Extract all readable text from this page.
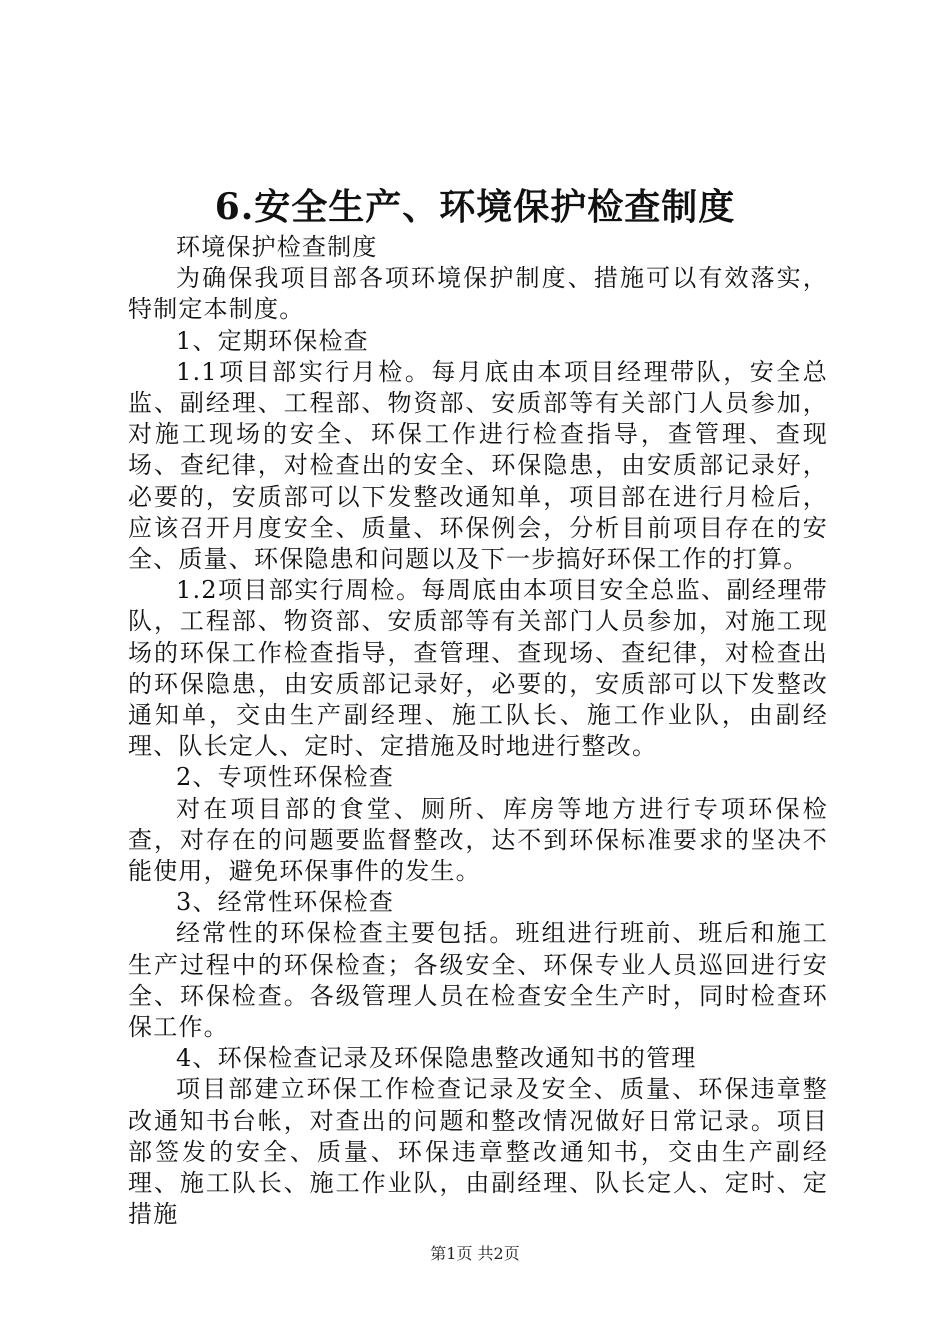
6.安全生产、环境保护检查制度

环境保护检查制度

为确保我项目部各项环境保护制度、措施可以有效落实，特制定本制度。

1、定期环保检查

1.1项目部实行月检。每月底由本项目经理带队，安全总监、副经理、工程部、物资部、安质部等有关部门人员参加，对施工现场的安全、环保工作进行检查指导，查管理、查现场、查纪律，对检查出的安全、环保隐患，由安质部记录好，必要的，安质部可以下发整改通知单，项目部在进行月检后，应该召开月度安全、质量、环保例会，分析目前项目存在的安全、质量、环保隐患和问题以及下一步搞好环保工作的打算。

1.2项目部实行周检。每周底由本项目安全总监、副经理带队，工程部、物资部、安质部等有关部门人员参加，对施工现场的环保工作检查指导，查管理、查现场、查纪律，对检查出的环保隐患，由安质部记录好，必要的，安质部可以下发整改通知单，交由生产副经理、施工队长、施工作业队，由副经理、队长定人、定时、定措施及时地进行整改。

2、专项性环保检查

对在项目部的食堂、厕所、库房等地方进行专项环保检查，对存在的问题要监督整改，达不到环保标准要求的坚决不能使用，避免环保事件的发生。

3、经常性环保检查

经常性的环保检查主要包括。班组进行班前、班后和施工生产过程中的环保检查；各级安全、环保专业人员巡回进行安全、环保检查。各级管理人员在检查安全生产时，同时检查环保工作。

4、环保检查记录及环保隐患整改通知书的管理

项目部建立环保工作检查记录及安全、质量、环保违章整改通知书台帐，对查出的问题和整改情况做好日常记录。项目部签发的安全、质量、环保违章整改通知书，交由生产副经理、施工队长、施工作业队，由副经理、队长定人、定时、定措施

第1页 共2页
